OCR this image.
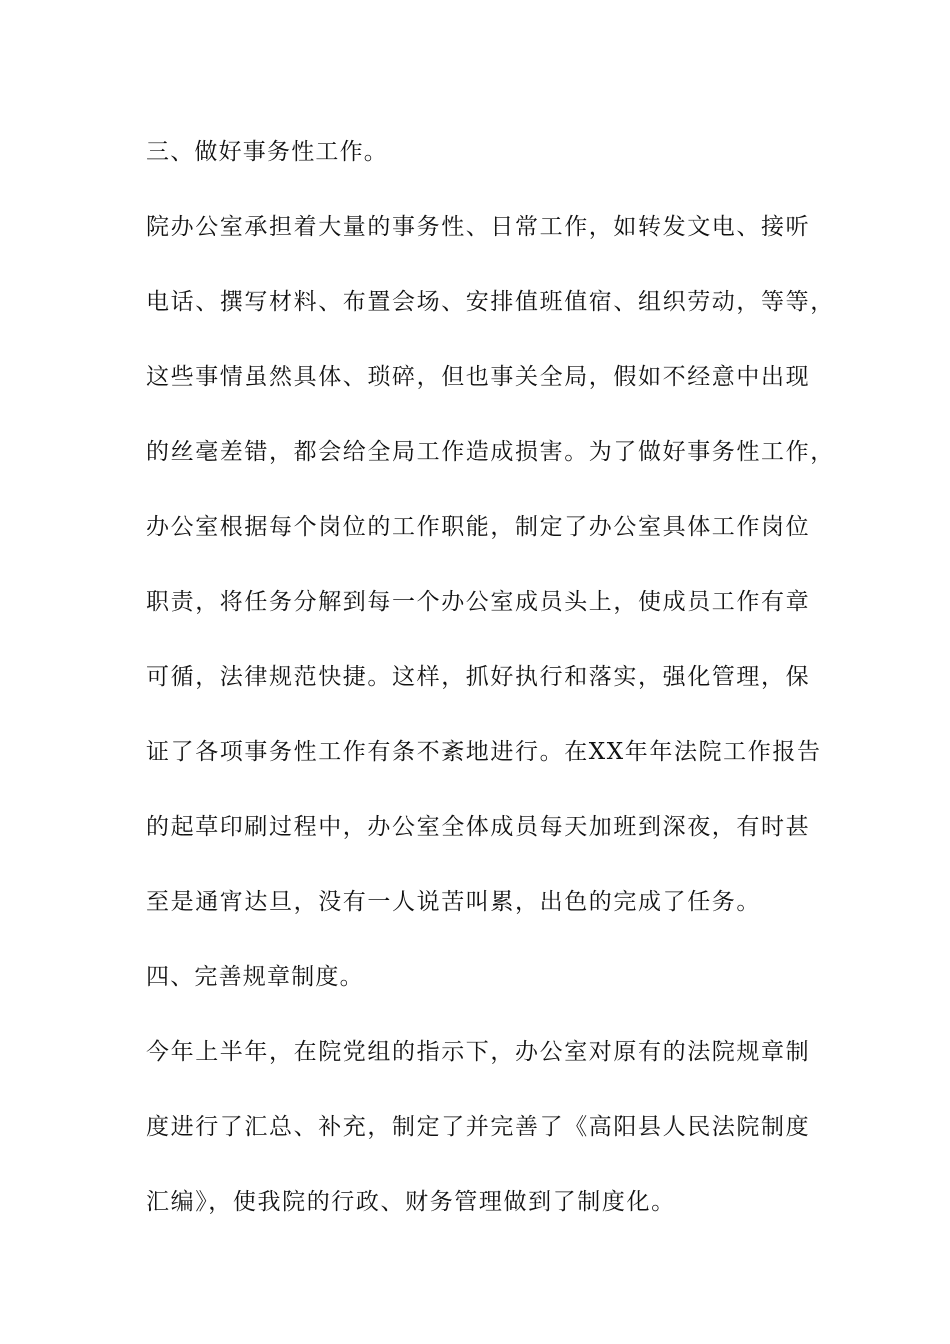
三、做好事务性工作。
院办公室承担着大量的事务性、日常工作，如转发文电、接听
电话、撰写材料、布置会场、安排值班值宿、组织劳动，等等，
这些事情虽然具体、琐碎，但也事关全局，假如不经意中出现
的丝毫差错，都会给全局工作造成损害。为了做好事务性工作，
办公室根据每个岗位的工作职能，制定了办公室具体工作岗位
职责，将任务分解到每一个办公室成员头上，使成员工作有章
可循，法律规范快捷。这样，抓好执行和落实，强化管理，保
证了各项事务性工作有条不紊地进行。在XX年年法院工作报告
的起草印刷过程中，办公室全体成员每天加班到深夜，有时甚
至是通宵达旦，没有一人说苦叫累，出色的完成了任务。
四、完善规章制度。
今年上半年，在院党组的指示下，办公室对原有的法院规章制
度进行了汇总、补充，制定了并完善了《高阳县人民法院制度
汇编》，使我院的行政、财务管理做到了制度化。
